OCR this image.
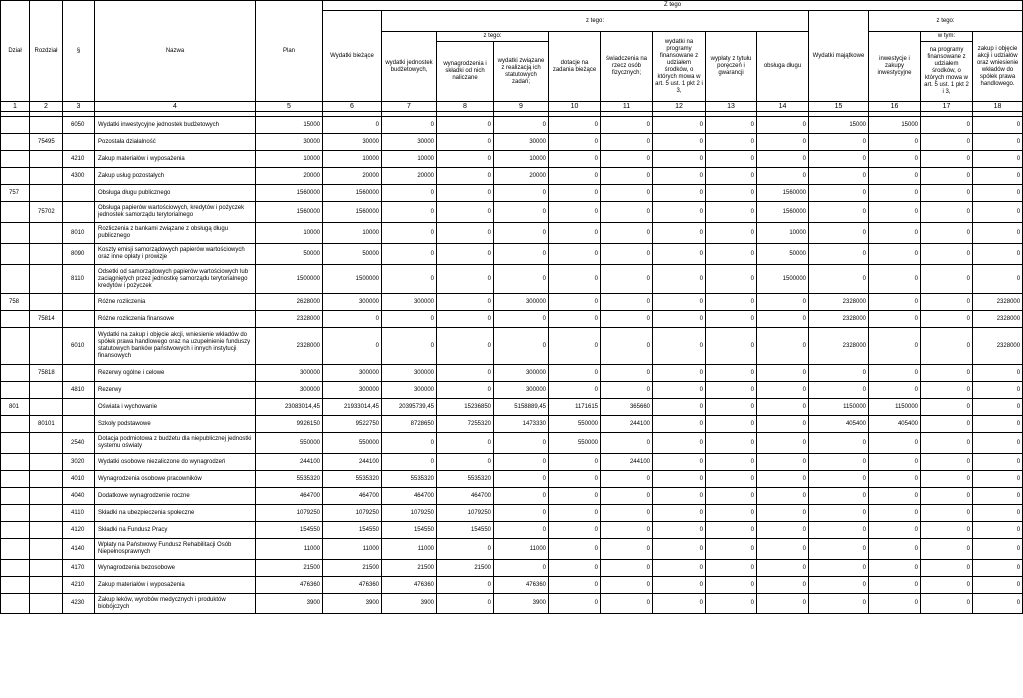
Dział	Rozdział	§	Nazwa	Plan	Z tego												
					Wydatki bieżące	z tego:								Wydatki majątkowe	z tego:		
						wydatki jednostek budżetowych,	z tego:		dotacje na zadania bieżące	świadczenia na rzecz osób fizycznych;	wydatki na programy finansowane z udziałem środków, o których mowa w art. 5 ust. 1 pkt 2 i 3,	wypłaty z tytułu poręczeń i gwarancji	obsługa długu		inwestycje i zakupy inwestycyjne	w tym:	zakup i objęcie akcji i udziałów oraz wniesienie wkładów do spółek prawa handlowego.
							wynagrodzenia i składki od nich naliczane	wydatki związane z realizacją ich statutowych zadań;								na programy finansowane z udziałem środków, o których mowa w art. 5 ust. 1 pkt 2 i 3,	
1	2	3	4	5	6	7	8	9	10	11	12	13	14	15	16	17	18

		6050	Wydatki inwestycyjne jednostek budżetowych	15000	0	0	0	0	0	0	0	0	0	15000	15000	0	0
	75495		Pozostała działalność	30000	30000	30000	0	30000	0	0	0	0	0	0	0	0	0
		4210	Zakup materiałów i wyposażenia	10000	10000	10000	0	10000	0	0	0	0	0	0	0	0	0
		4300	Zakup usług pozostałych	20000	20000	20000	0	20000	0	0	0	0	0	0	0	0	0
757			Obsługa długu publicznego	1560000	1560000	0	0	0	0	0	0	0	1560000	0	0	0	0
	75702		Obsługa papierów wartościowych, kredytów i pożyczek jednostek samorządu terytorialnego	1560000	1560000	0	0	0	0	0	0	0	1560000	0	0	0	0
		8010	Rozliczenia z bankami związane z obsługą długu publicznego	10000	10000	0	0	0	0	0	0	0	10000	0	0	0	0
		8090	Koszty emisji samorządowych papierów wartościowych oraz inne opłaty i prowizje	50000	50000	0	0	0	0	0	0	0	50000	0	0	0	0
		8110	Odsetki od samorządowych papierów wartościowych lub zaciągniętych przez jednostkę samorządu terytorialnego kredytów i pożyczek	1500000	1500000	0	0	0	0	0	0	0	1500000	0	0	0	0
758			Różne rozliczenia	2628000	300000	300000	0	300000	0	0	0	0	0	2328000	0	0	2328000
	75814		Różne rozliczenia finansowe	2328000	0	0	0	0	0	0	0	0	0	2328000	0	0	2328000
		6010	Wydatki na zakup i objęcie akcji, wniesienie wkładów do spółek prawa handlowego oraz na uzupełnienie funduszy statutowych banków państwowych i innych instytucji finansowych	2328000	0	0	0	0	0	0	0	0	0	2328000	0	0	2328000
	75818		Rezerwy ogólne i celowe	300000	300000	300000	0	300000	0	0	0	0	0	0	0	0	0
		4810	Rezerwy	300000	300000	300000	0	300000	0	0	0	0	0	0	0	0	0
801			Oświata i wychowanie	23083014,45	21933014,45	20395739,45	15236850	5158889,45	1171615	365660	0	0	0	1150000	1150000	0	0
	80101		Szkoły podstawowe	9926150	9522750	8728650	7255320	1473330	550000	244100	0	0	0	405400	405400	0	0
		2540	Dotacja podmiotowa z budżetu dla niepublicznej jednostki systemu oświaty	550000	550000	0	0	0	550000	0	0	0	0	0	0	0	0
		3020	Wydatki osobowe niezaliczone do wynagrodzeń	244100	244100	0	0	0	0	244100	0	0	0	0	0	0	0
		4010	Wynagrodzenia osobowe pracowników	5535320	5535320	5535320	5535320	0	0	0	0	0	0	0	0	0	0
		4040	Dodatkowe wynagrodzenie roczne	464700	464700	464700	464700	0	0	0	0	0	0	0	0	0	0
		4110	Składki na ubezpieczenia społeczne	1079250	1079250	1079250	1079250	0	0	0	0	0	0	0	0	0	0
		4120	Składki na Fundusz Pracy	154550	154550	154550	154550	0	0	0	0	0	0	0	0	0	0
		4140	Wpłaty na Państwowy Fundusz Rehabilitacji Osób Niepełnosprawnych	11000	11000	11000	0	11000	0	0	0	0	0	0	0	0	0
		4170	Wynagrodzenia bezosobowe	21500	21500	21500	21500	0	0	0	0	0	0	0	0	0	0
		4210	Zakup materiałów i wyposażenia	476360	476360	476360	0	476360	0	0	0	0	0	0	0	0	0
		4230	Zakup leków, wyrobów medycznych i produktów biobójczych	3900	3900	3900	0	3900	0	0	0	0	0	0	0	0	0
